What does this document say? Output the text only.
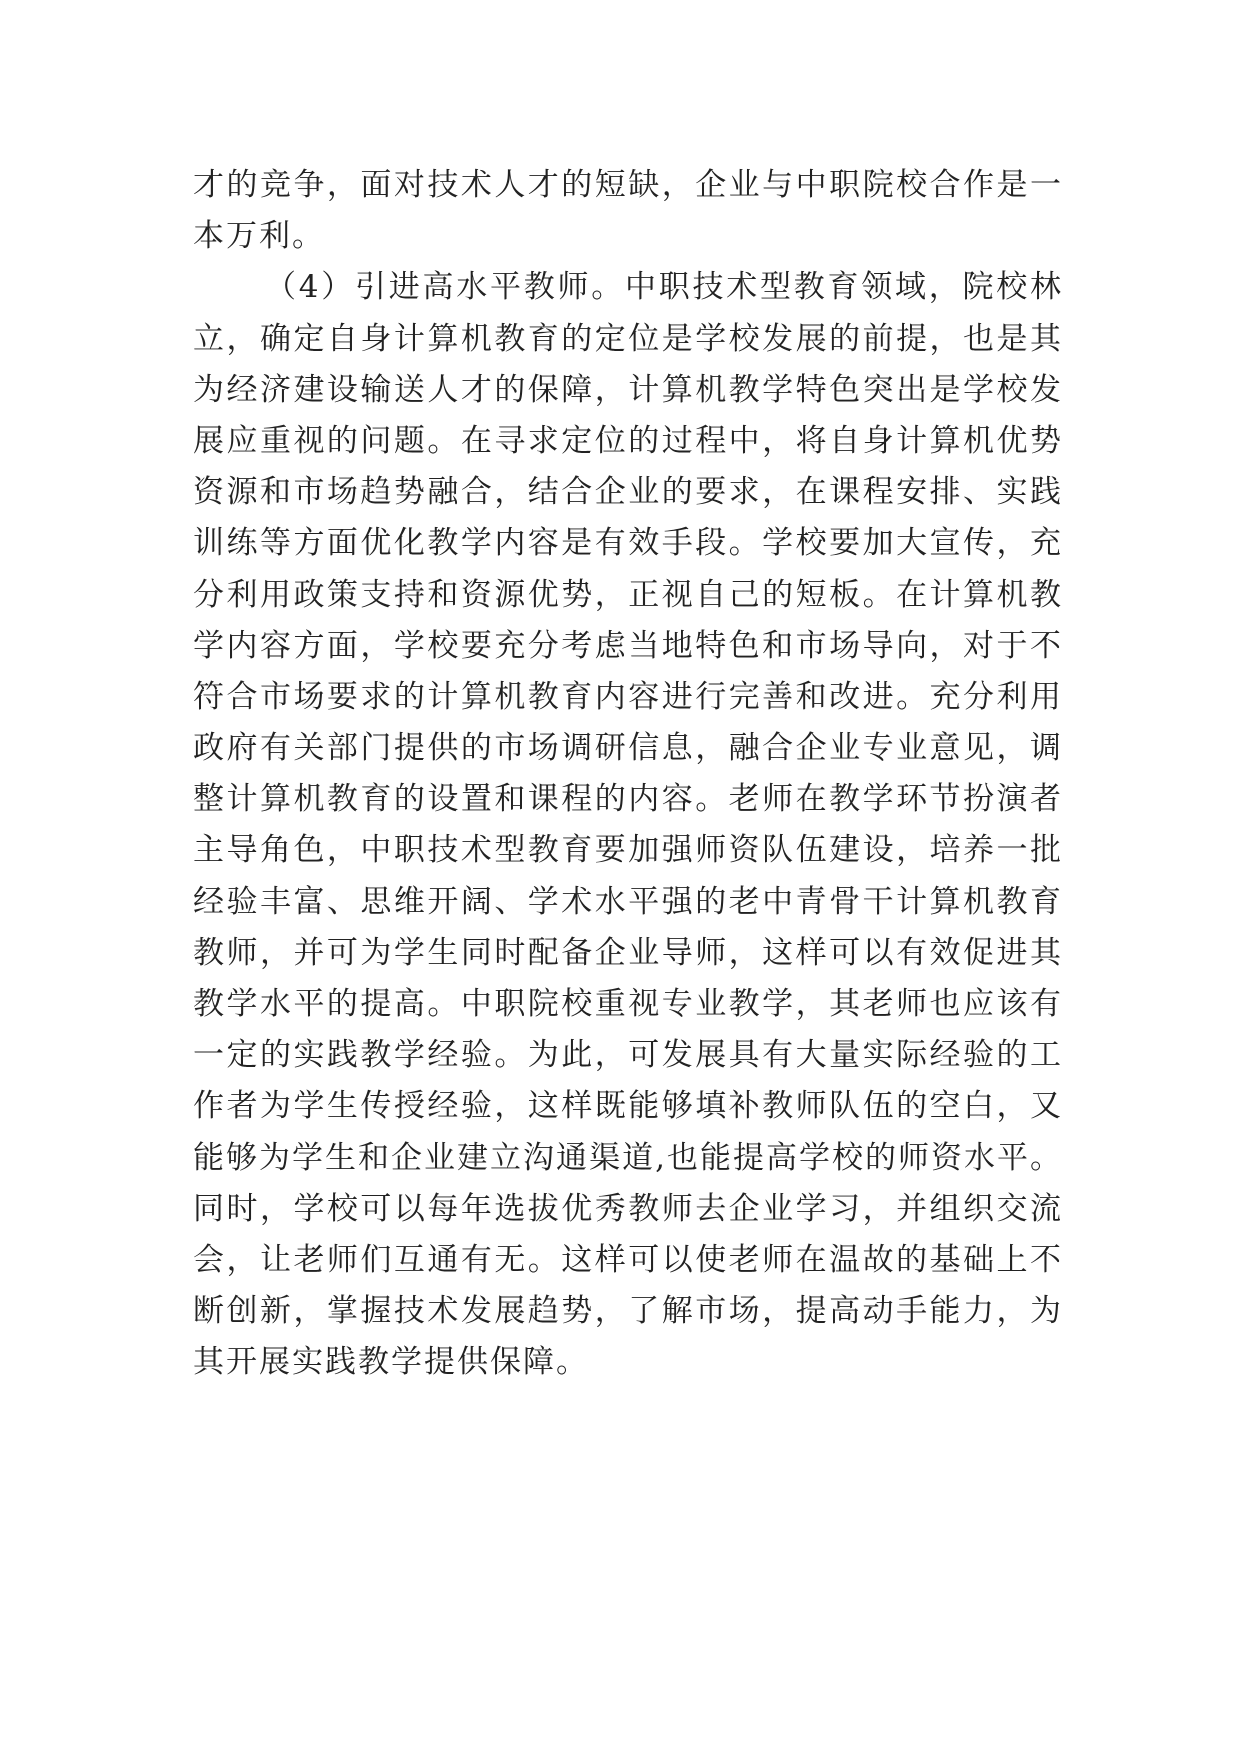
才的竞争，面对技术人才的短缺，企业与中职院校合作是一
本万利。
（4）引进高水平教师。中职技术型教育领域，院校林
立，确定自身计算机教育的定位是学校发展的前提，也是其
为经济建设输送人才的保障，计算机教学特色突出是学校发
展应重视的问题。在寻求定位的过程中，将自身计算机优势
资源和市场趋势融合，结合企业的要求，在课程安排、实践
训练等方面优化教学内容是有效手段。学校要加大宣传，充
分利用政策支持和资源优势，正视自己的短板。在计算机教
学内容方面，学校要充分考虑当地特色和市场导向，对于不
符合市场要求的计算机教育内容进行完善和改进。充分利用
政府有关部门提供的市场调研信息，融合企业专业意见，调
整计算机教育的设置和课程的内容。老师在教学环节扮演者
主导角色，中职技术型教育要加强师资队伍建设，培养一批
经验丰富、思维开阔、学术水平强的老中青骨干计算机教育
教师，并可为学生同时配备企业导师，这样可以有效促进其
教学水平的提高。中职院校重视专业教学，其老师也应该有
一定的实践教学经验。为此，可发展具有大量实际经验的工
作者为学生传授经验，这样既能够填补教师队伍的空白，又
能够为学生和企业建立沟通渠道,也能提高学校的师资水平。
同时，学校可以每年选拔优秀教师去企业学习，并组织交流
会，让老师们互通有无。这样可以使老师在温故的基础上不
断创新，掌握技术发展趋势，了解市场，提高动手能力，为
其开展实践教学提供保障。
